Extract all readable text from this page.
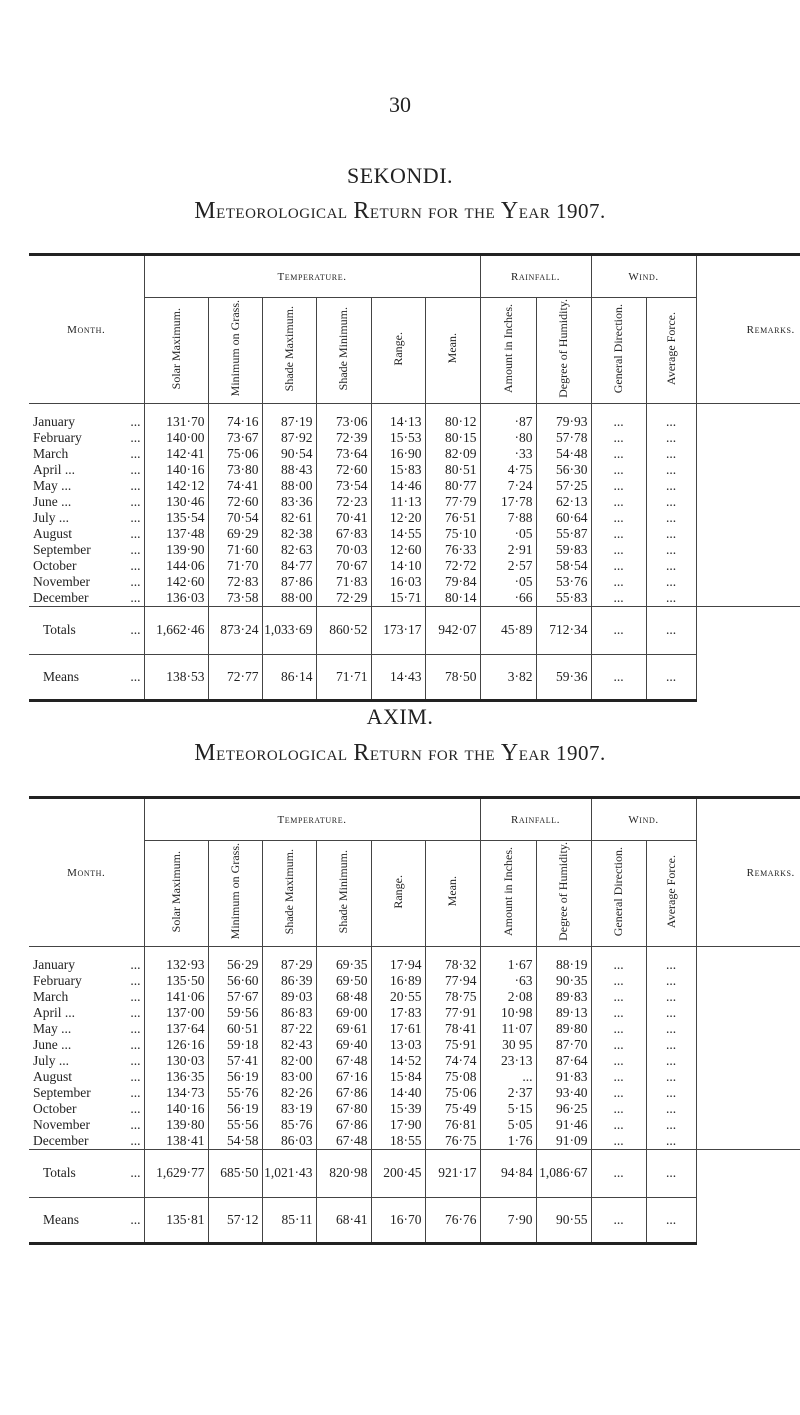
30
SEKONDI.
Meteorological Return for the Year 1907.
Month.	Temperature.						Rainfall.		Wind.		Remarks.
	Solar Maximum.	Minimum on Grass.	Shade Maximum.	Shade Minimum.	Range.	Mean.	Amount in Inches.	Degree of Humidity.	General Direction.	Average Force.	
January ...	131·70	74·16	87·19	73·06	14·13	80·12	·87	79·93	...	...	
February ...	140·00	73·67	87·92	72·39	15·53	80·15	·80	57·78	...	...	
March ...	142·41	75·06	90·54	73·64	16·90	82·09	·33	54·48	...	...	
April ... ...	140·16	73·80	88·43	72·60	15·83	80·51	4·75	56·30	...	...	
May ... ...	142·12	74·41	88·00	73·54	14·46	80·77	7·24	57·25	...	...	
June ... ...	130·46	72·60	83·36	72·23	11·13	77·79	17·78	62·13	...	...	
July ... ...	135·54	70·54	82·61	70·41	12·20	76·51	7·88	60·64	...	...	
August ...	137·48	69·29	82·38	67·83	14·55	75·10	·05	55·87	...	...	
September ...	139·90	71·60	82·63	70·03	12·60	76·33	2·91	59·83	...	...	
October ...	144·06	71·70	84·77	70·67	14·10	72·72	2·57	58·54	...	...	
November ...	142·60	72·83	87·86	71·83	16·03	79·84	·05	53·76	...	...	
December ...	136·03	73·58	88·00	72·29	15·71	80·14	·66	55·83	...	...	
Totals ...	1,662·46	873·24	1,033·69	860·52	173·17	942·07	45·89	712·34	...	...	
Means ...	138·53	72·77	86·14	71·71	14·43	78·50	3·82	59·36	...	...	
AXIM.
Meteorological Return for the Year 1907.
Month.	Temperature.						Rainfall.		Wind.		Remarks.
	Solar Maximum.	Minimum on Grass.	Shade Maximum.	Shade Minimum.	Range.	Mean.	Amount in Inches.	Degree of Humidity.	General Direction.	Average Force.	
January ...	132·93	56·29	87·29	69·35	17·94	78·32	1·67	88·19	...	...	
February ...	135·50	56·60	86·39	69·50	16·89	77·94	·63	90·35	...	...	
March ...	141·06	57·67	89·03	68·48	20·55	78·75	2·08	89·83	...	...	
April ... ...	137·00	59·56	86·83	69·00	17·83	77·91	10·98	89·13	...	...	
May ... ...	137·64	60·51	87·22	69·61	17·61	78·41	11·07	89·80	...	...	
June ... ...	126·16	59·18	82·43	69·40	13·03	75·91	30 95	87·70	...	...	
July ... ...	130·03	57·41	82·00	67·48	14·52	74·74	23·13	87·64	...	...	
August ...	136·35	56·19	83·00	67·16	15·84	75·08	...	91·83	...	...	
September ...	134·73	55·76	82·26	67·86	14·40	75·06	2·37	93·40	...	...	
October ...	140·16	56·19	83·19	67·80	15·39	75·49	5·15	96·25	...	...	
November ...	139·80	55·56	85·76	67·86	17·90	76·81	5·05	91·46	...	...	
December ...	138·41	54·58	86·03	67·48	18·55	76·75	1·76	91·09	...	...	
Totals ...	1,629·77	685·50	1,021·43	820·98	200·45	921·17	94·84	1,086·67	...	...	
Means ...	135·81	57·12	85·11	68·41	16·70	76·76	7·90	90·55	...	...	
